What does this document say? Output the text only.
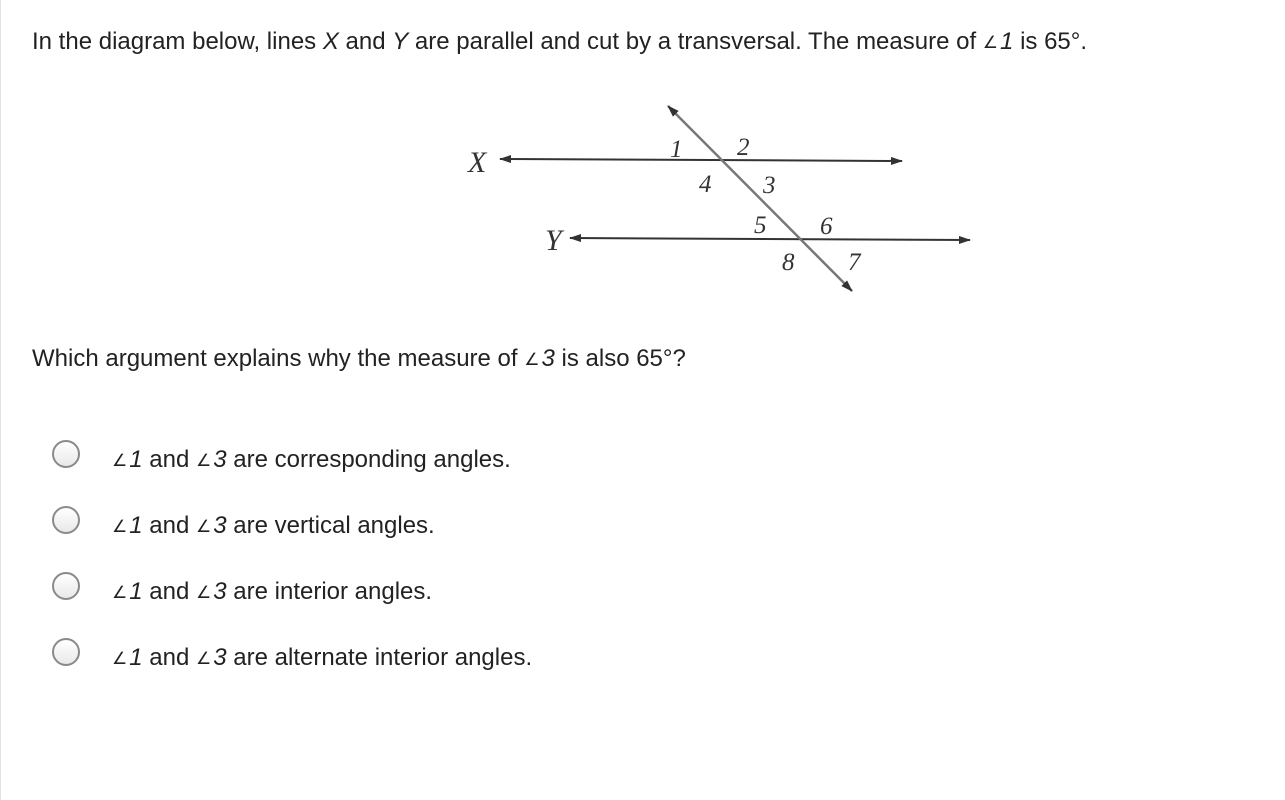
In the diagram below, lines X and Y are parallel and cut by a transversal. The measure of ∠1 is 65°.
X
Y
1 2
3
4
5 6
7
8
Which argument explains why the measure of ∠3 is also 65°?
∠1 and ∠3 are corresponding angles.
∠1 and ∠3 are vertical angles.
∠1 and ∠3 are interior angles.
∠1 and ∠3 are alternate interior angles.
